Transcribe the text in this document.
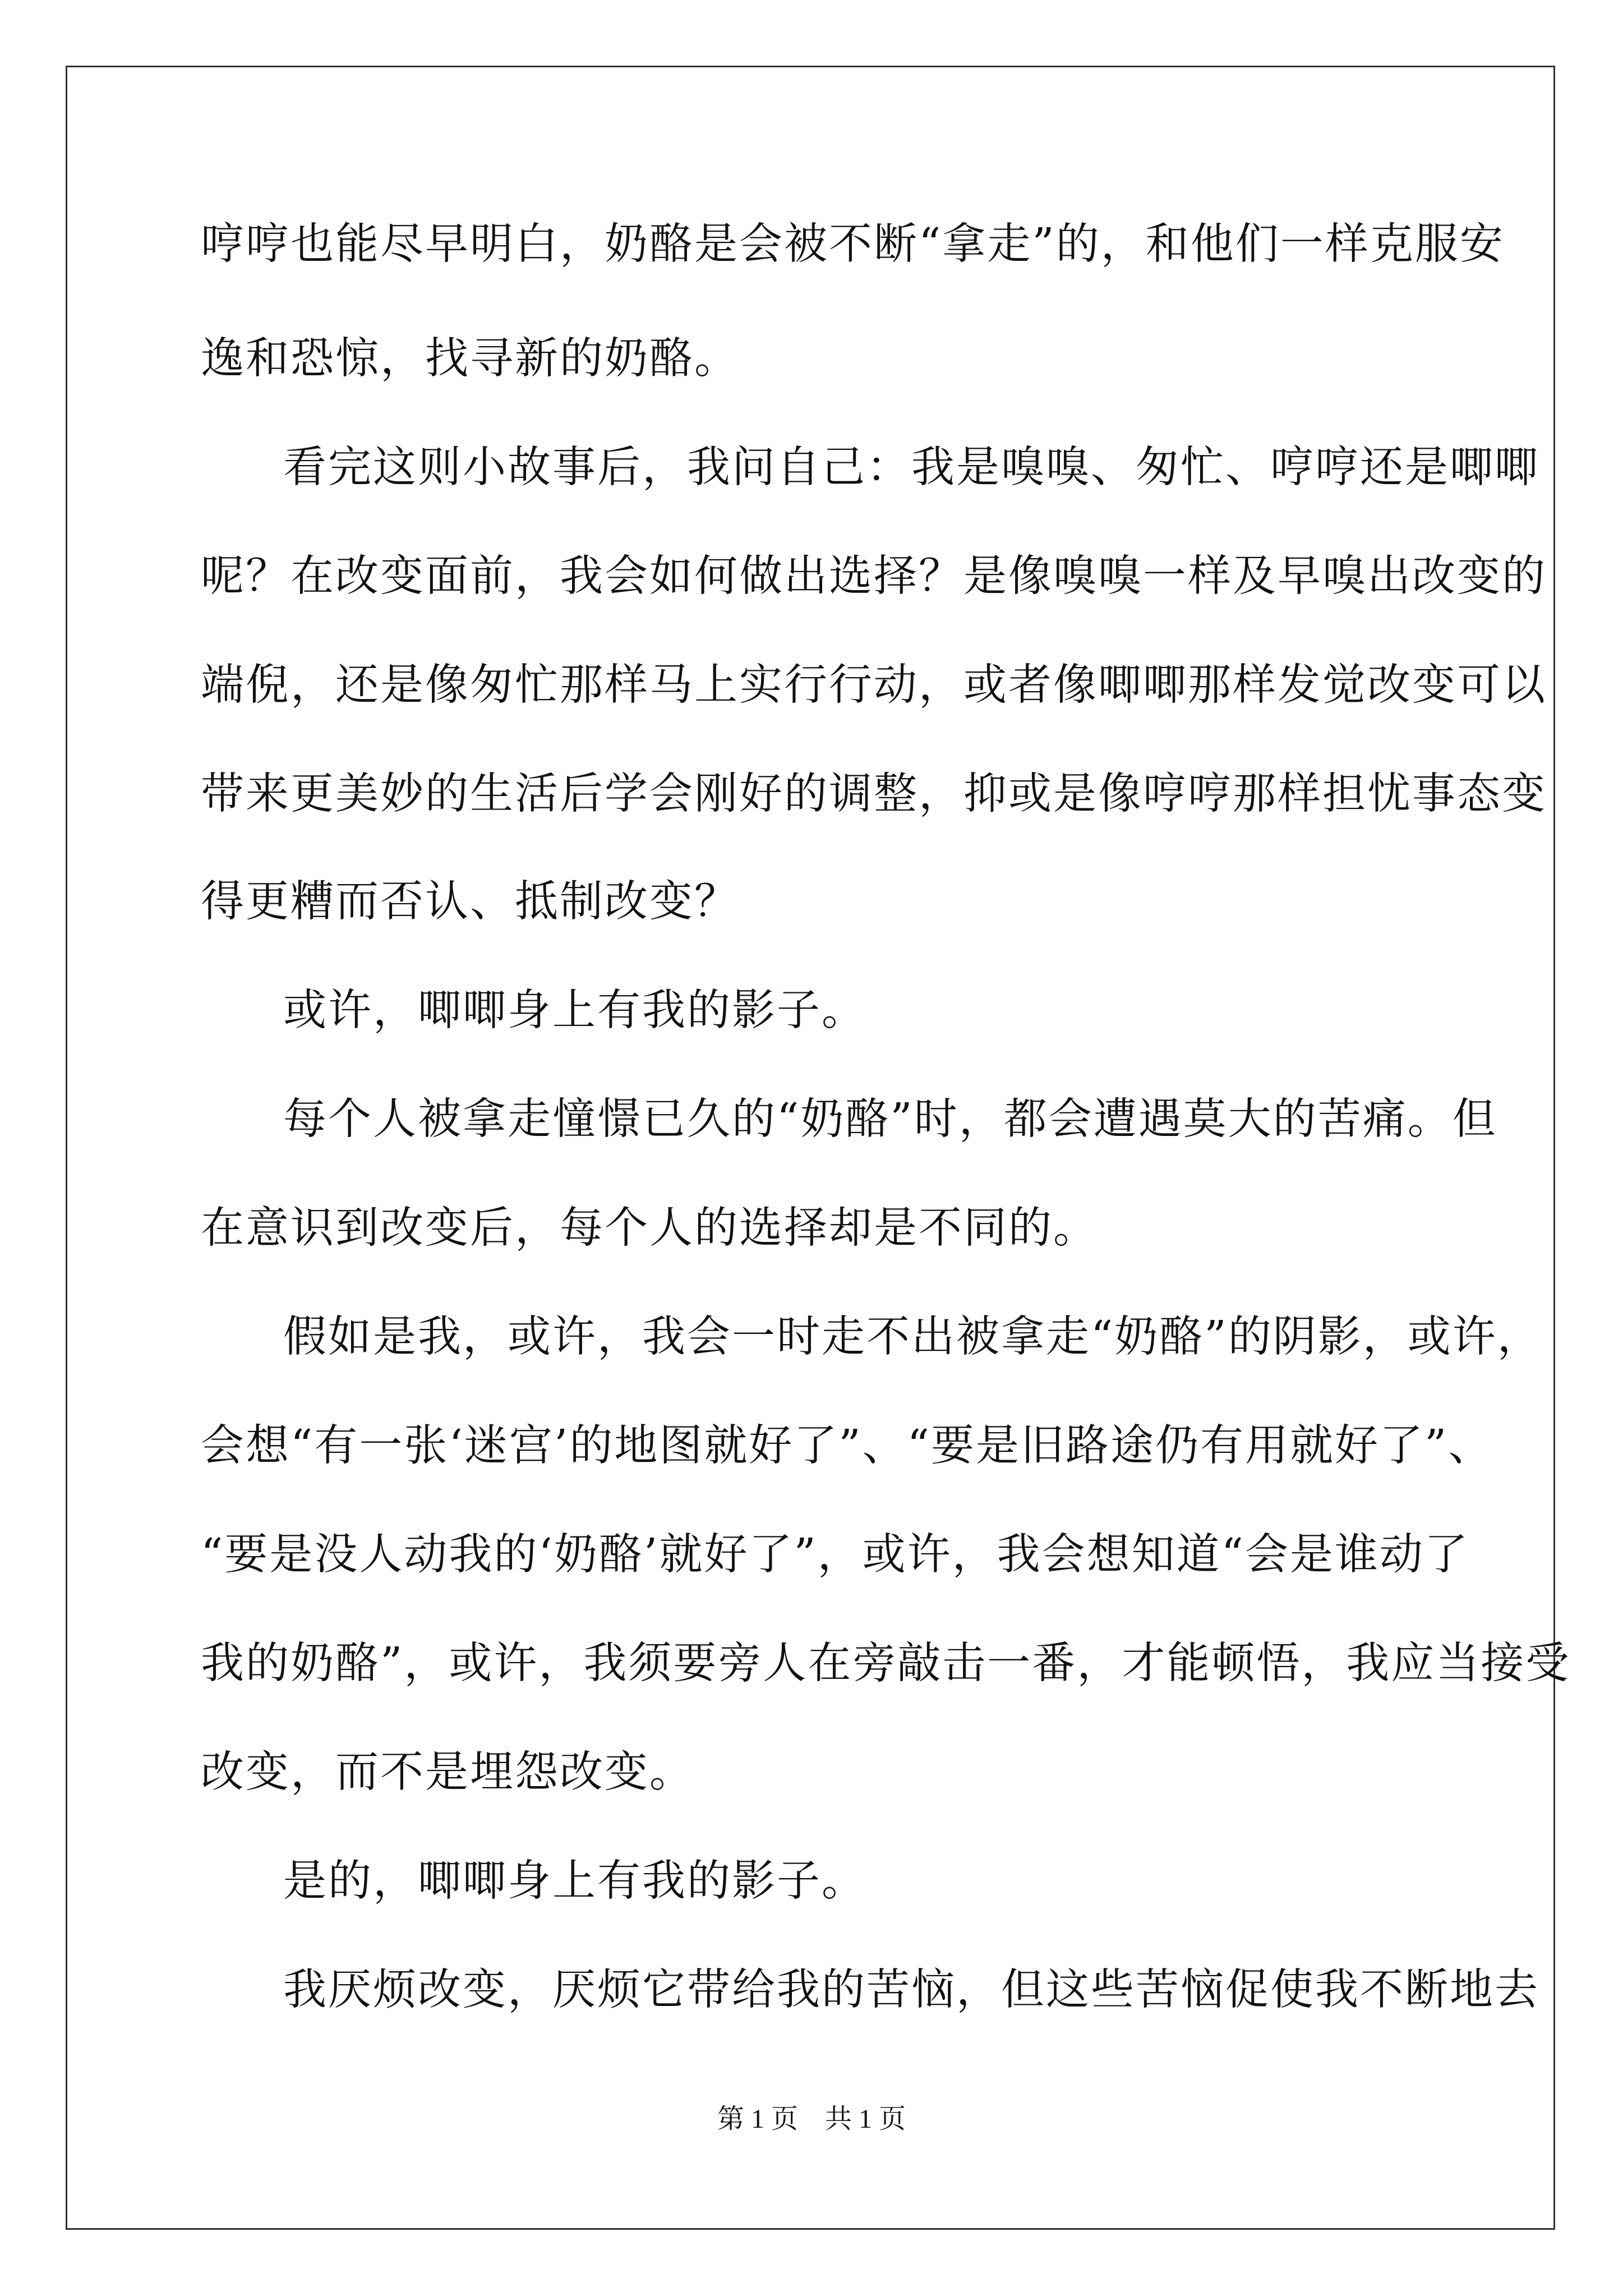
哼哼也能尽早明白，奶酪是会被不断“拿走”的，和他们一样克服安
逸和恐惊，找寻新的奶酪。
看完这则小故事后，我问自己：我是嗅嗅、匆忙、哼哼还是唧唧
呢？在改变面前，我会如何做出选择？是像嗅嗅一样及早嗅出改变的
端倪，还是像匆忙那样马上实行行动，或者像唧唧那样发觉改变可以
带来更美妙的生活后学会刚好的调整，抑或是像哼哼那样担忧事态变
得更糟而否认、抵制改变？
或许，唧唧身上有我的影子。
每个人被拿走憧憬已久的“奶酪”时，都会遭遇莫大的苦痛。但
在意识到改变后，每个人的选择却是不同的。
假如是我，或许，我会一时走不出被拿走“奶酪”的阴影，或许，
会想“有一张‘迷宫’的地图就好了”、“要是旧路途仍有用就好了”、
“要是没人动我的‘奶酪’就好了”，或许，我会想知道“会是谁动了
我的奶酪”，或许，我须要旁人在旁敲击一番，才能顿悟，我应当接受
改变，而不是埋怨改变。
是的，唧唧身上有我的影子。
我厌烦改变，厌烦它带给我的苦恼，但这些苦恼促使我不断地去
第 1 页　共 1 页
